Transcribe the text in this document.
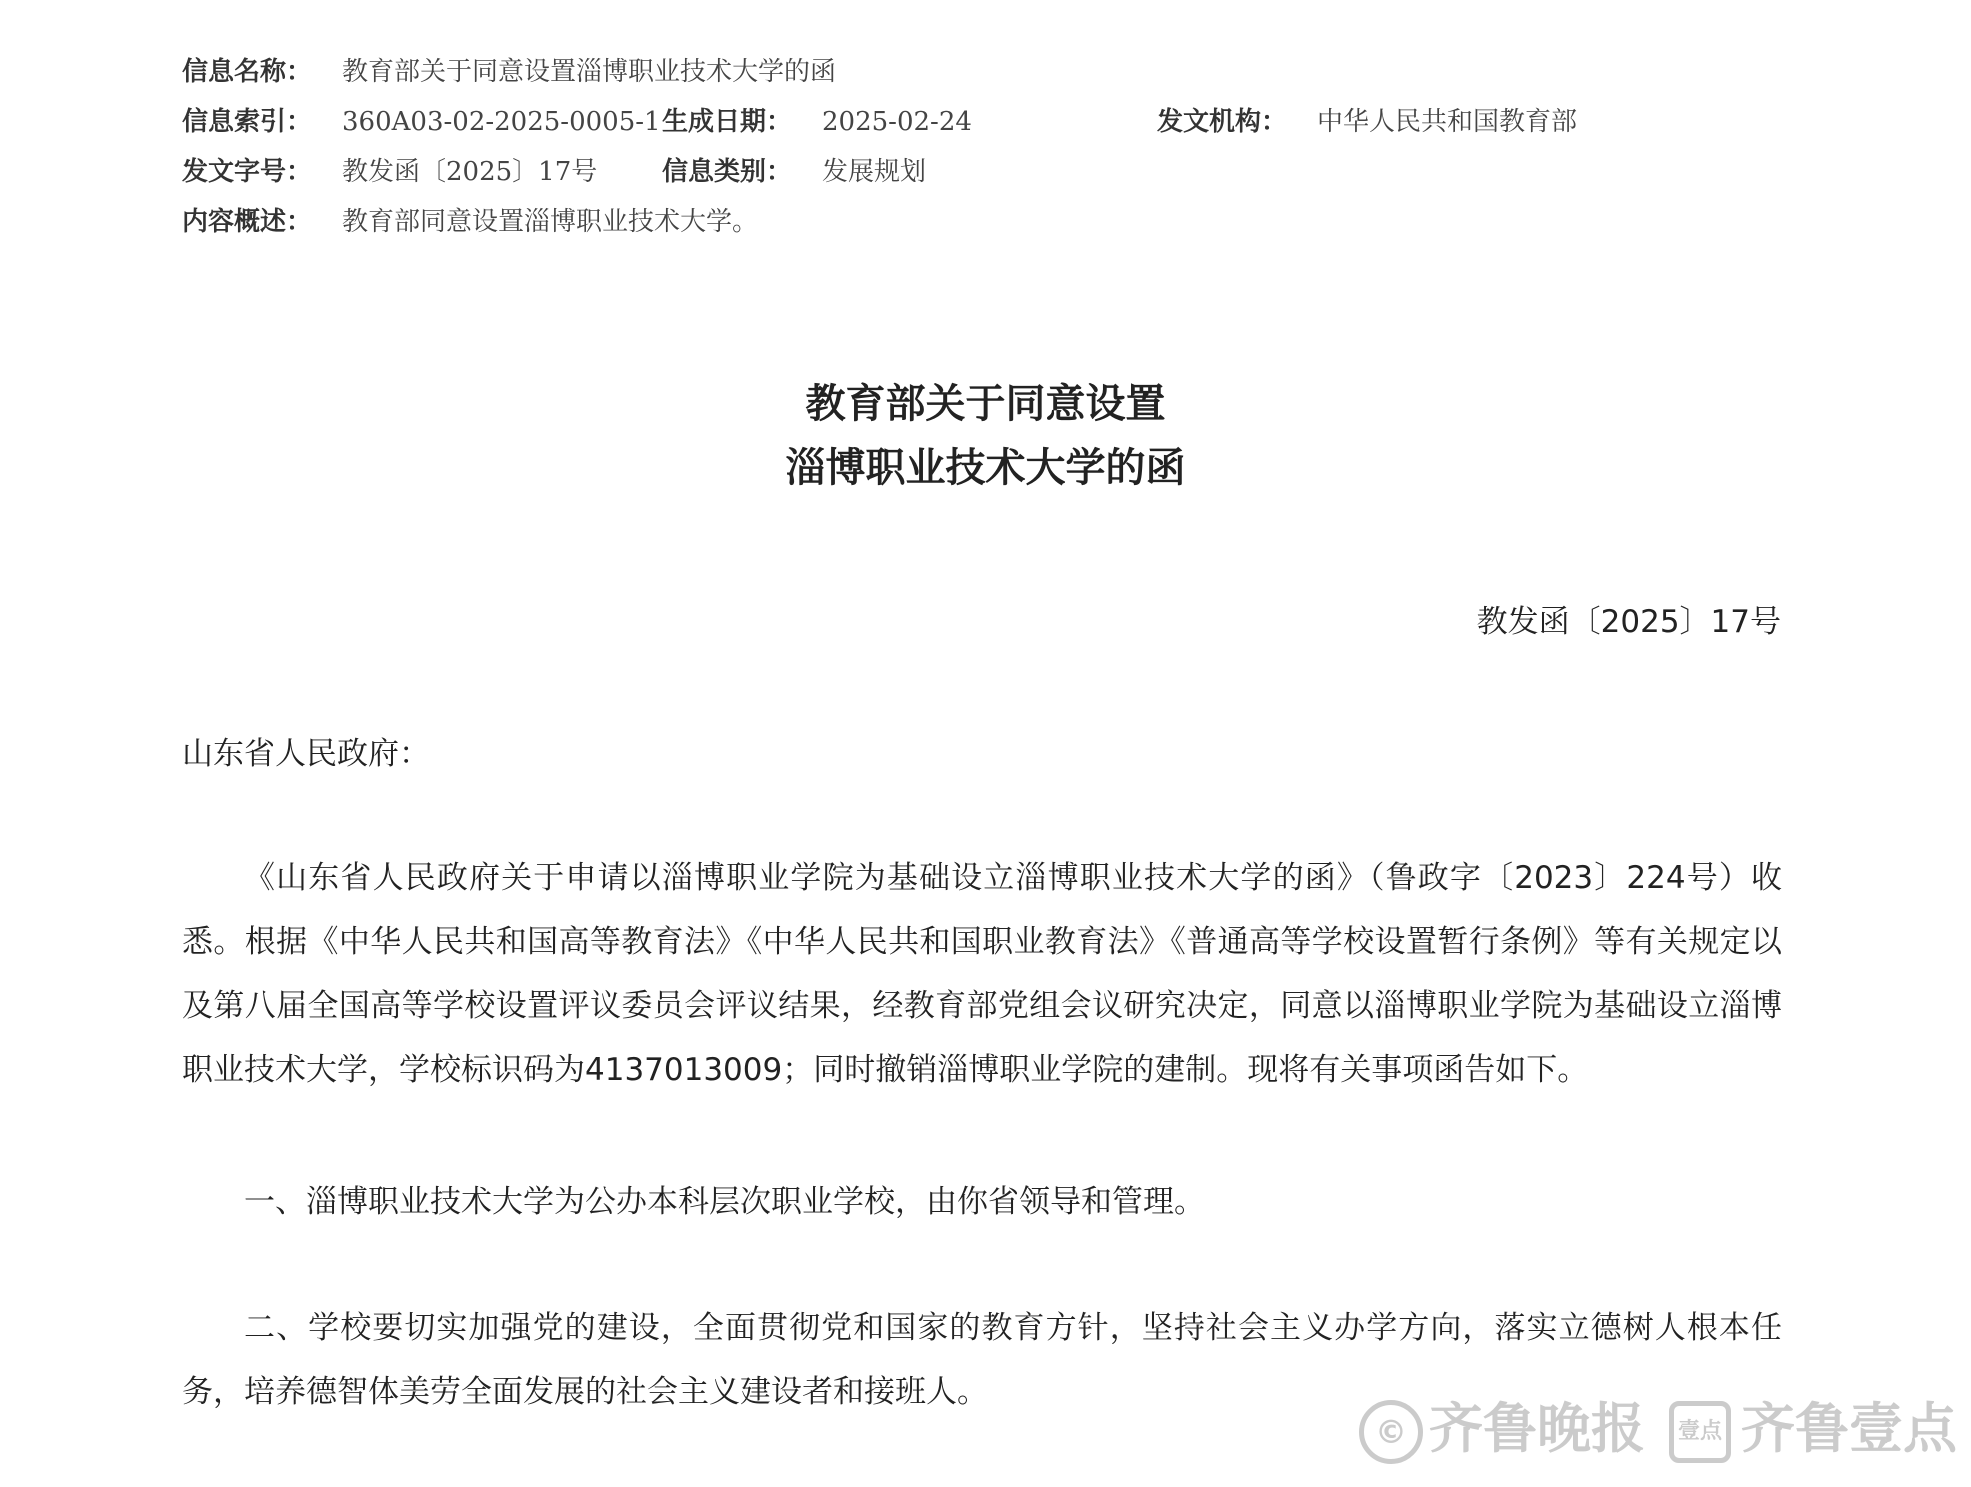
信息名称： 教育部关于同意设置淄博职业技术大学的函
信息索引： 360A03-02-2025-0005-1 生成日期： 2025-02-24	发文机构： 中华人民共和国教育部
发文字号： 教发函〔2025〕17号 信息类别： 发展规划
内容概述： 教育部同意设置淄博职业技术大学。
教育部关于同意设置
淄博职业技术大学的函
教发函〔2025〕17号
山东省人民政府：
《山东省人民政府关于申请以淄博职业学院为基础设立淄博职业技术大学的函》（鲁政字〔2023〕224号）收悉。根据《中华人民共和国高等教育法》《中华人民共和国职业教育法》《普通高等学校设置暂行条例》等有关规定以及第八届全国高等学校设置评议委员会评议结果，经教育部党组会议研究决定，同意以淄博职业学院为基础设立淄博职业技术大学，学校标识码为4137013009；同时撤销淄博职业学院的建制。现将有关事项函告如下。
一、淄博职业技术大学为公办本科层次职业学校，由你省领导和管理。
二、学校要切实加强党的建设，全面贯彻党和国家的教育方针，坚持社会主义办学方向，落实立德树人根本任务，培养德智体美劳全面发展的社会主义建设者和接班人。
© 齐鲁晚报 壹点 齐鲁壹点
